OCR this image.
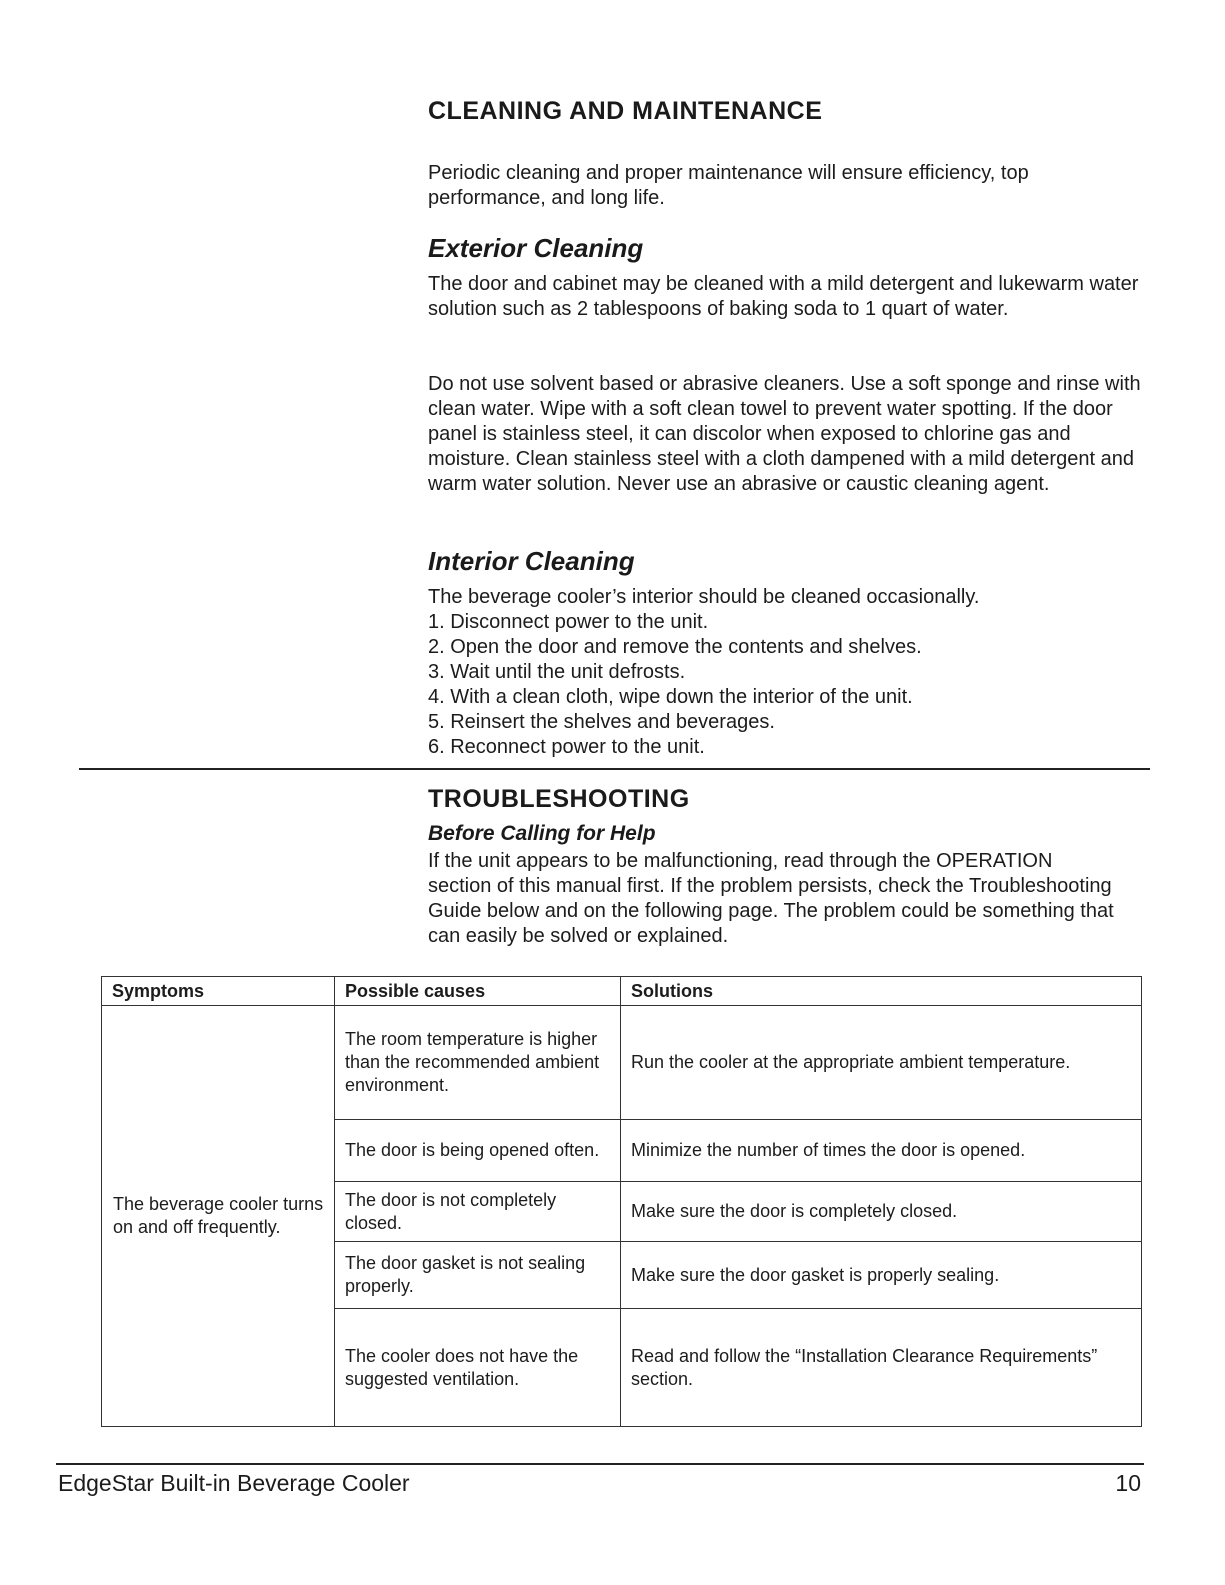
CLEANING AND MAINTENANCE

Periodic cleaning and proper maintenance will ensure efficiency, top performance, and long life.

Exterior Cleaning

The door and cabinet may be cleaned with a mild detergent and lukewarm water solution such as 2 tablespoons of baking soda to 1 quart of water.

Do not use solvent based or abrasive cleaners. Use a soft sponge and rinse with clean water. Wipe with a soft clean towel to prevent water spotting. If the door panel is stainless steel, it can discolor when exposed to chlorine gas and moisture. Clean stainless steel with a cloth dampened with a mild detergent and warm water solution. Never use an abrasive or caustic cleaning agent.

Interior Cleaning

The beverage cooler’s interior should be cleaned occasionally.

1. Disconnect power to the unit.
2. Open the door and remove the contents and shelves.
3. Wait until the unit defrosts.
4. With a clean cloth, wipe down the interior of the unit.
5. Reinsert the shelves and beverages.
6. Reconnect power to the unit.
TROUBLESHOOTING
Before Calling for Help

If the unit appears to be malfunctioning, read through the OPERATION section of this manual first. If the problem persists, check the Troubleshooting Guide below and on the following page. The problem could be something that can easily be solved or explained.

Symptoms	Possible causes	Solutions
The beverage cooler turns on and off frequently.	The room temperature is higher than the recommended ambient environment.	Run the cooler at the appropriate ambient temperature.
	The door is being opened often.	Minimize the number of times the door is opened.
	The door is not completely closed.	Make sure the door is completely closed.
	The door gasket is not sealing properly.	Make sure the door gasket is properly sealing.
	The cooler does not have the suggested ventilation.	Read and follow the “Installation Clearance Requirements” section.
EdgeStar Built-in Beverage Cooler	10
